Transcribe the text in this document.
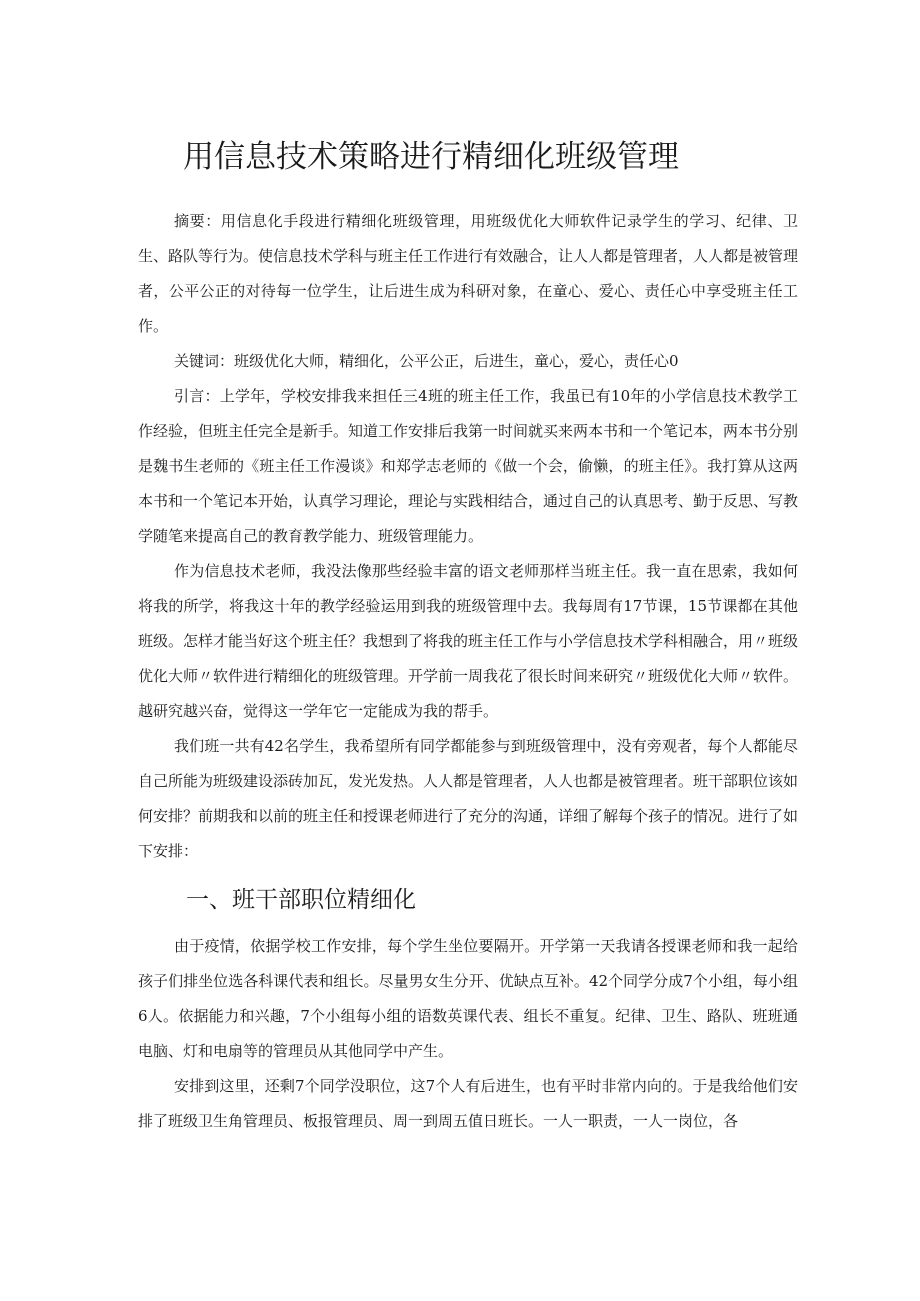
用信息技术策略进行精细化班级管理

摘要：用信息化手段进行精细化班级管理，用班级优化大师软件记录学生的学习、纪律、卫生、路队等行为。使信息技术学科与班主任工作进行有效融合，让人人都是管理者，人人都是被管理者，公平公正的对待每一位学生，让后进生成为科研对象，在童心、爱心、责任心中享受班主任工作。

关键词：班级优化大师，精细化，公平公正，后进生，童心，爱心，责任心0

引言：上学年，学校安排我来担任三4班的班主任工作，我虽已有10年的小学信息技术教学工作经验，但班主任完全是新手。知道工作安排后我第一时间就买来两本书和一个笔记本，两本书分别是魏书生老师的《班主任工作漫谈》和郑学志老师的《做一个会，偷懒，的班主任》。我打算从这两本书和一个笔记本开始，认真学习理论，理论与实践相结合，通过自己的认真思考、勤于反思、写教学随笔来提高自己的教育教学能力、班级管理能力。

作为信息技术老师，我没法像那些经验丰富的语文老师那样当班主任。我一直在思索，我如何将我的所学，将我这十年的教学经验运用到我的班级管理中去。我每周有17节课，15节课都在其他班级。怎样才能当好这个班主任？我想到了将我的班主任工作与小学信息技术学科相融合，用〃班级优化大师〃软件进行精细化的班级管理。开学前一周我花了很长时间来研究〃班级优化大师〃软件。越研究越兴奋，觉得这一学年它一定能成为我的帮手。

我们班一共有42名学生，我希望所有同学都能参与到班级管理中，没有旁观者，每个人都能尽自己所能为班级建设添砖加瓦，发光发热。人人都是管理者，人人也都是被管理者。班干部职位该如何安排？前期我和以前的班主任和授课老师进行了充分的沟通，详细了解每个孩子的情况。进行了如下安排：

一、班干部职位精细化

由于疫情，依据学校工作安排，每个学生坐位要隔开。开学第一天我请各授课老师和我一起给孩子们排坐位选各科课代表和组长。尽量男女生分开、优缺点互补。42个同学分成7个小组，每小组6人。依据能力和兴趣，7个小组每小组的语数英课代表、组长不重复。纪律、卫生、路队、班班通电脑、灯和电扇等的管理员从其他同学中产生。

安排到这里，还剩7个同学没职位，这7个人有后进生，也有平时非常内向的。于是我给他们安排了班级卫生角管理员、板报管理员、周一到周五值日班长。一人一职责，一人一岗位，各
